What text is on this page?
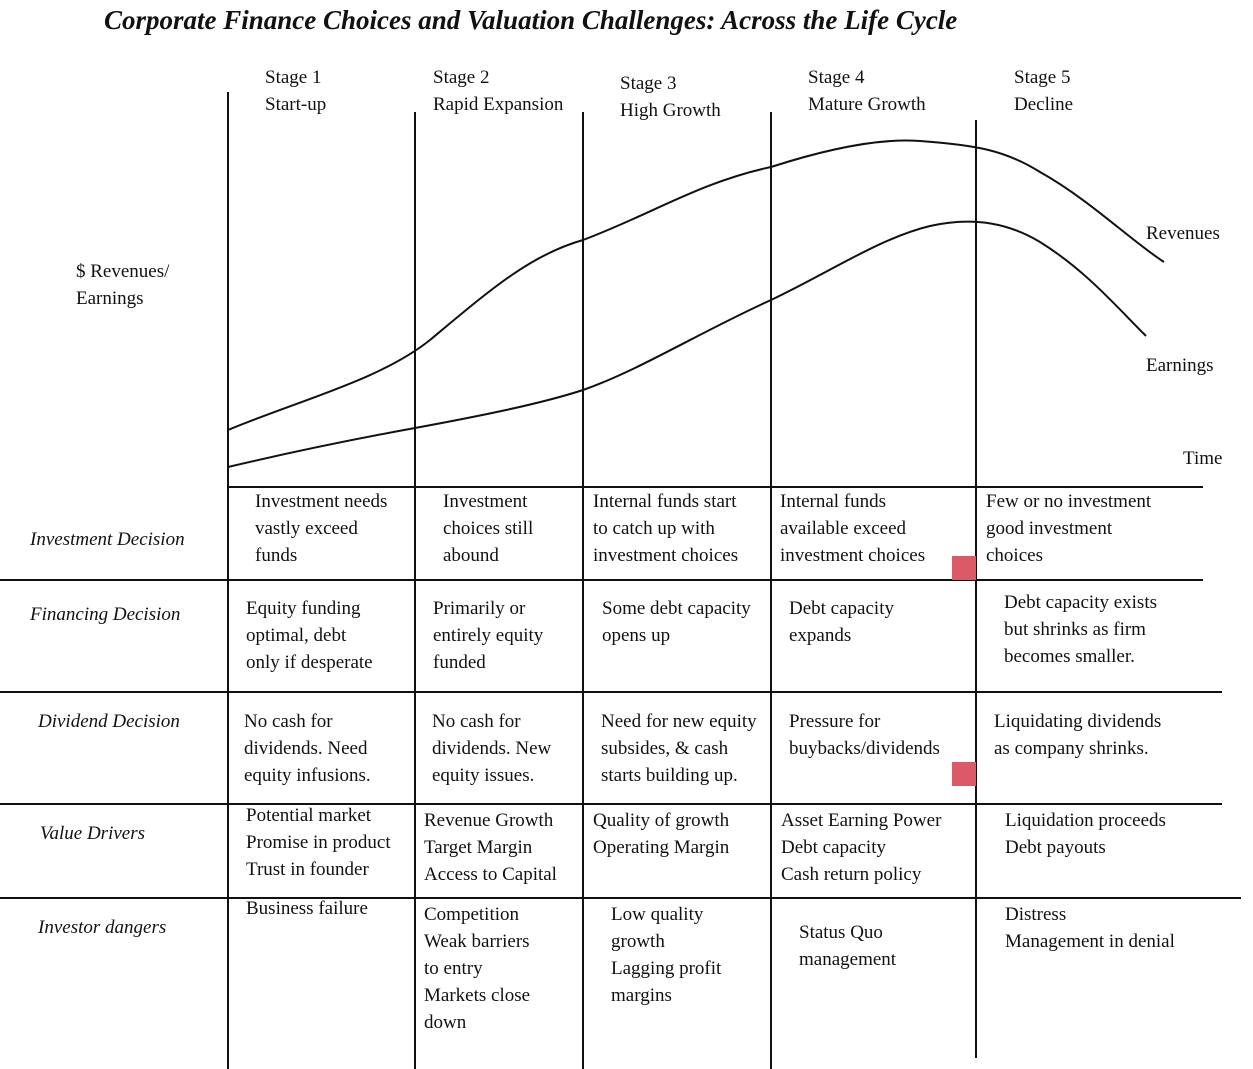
Corporate Finance Choices and Valuation Challenges: Across the Life Cycle
Stage 1
Start-up
Stage 2
Rapid Expansion
Stage 3
High Growth
Stage 4
Mature Growth
Stage 5
Decline
$ Revenues/
Earnings
Revenues
Earnings
Time
Investment Decision
Financing Decision
Dividend Decision
Value Drivers
Investor dangers
Investment needs
vastly exceed
funds
Investment
choices still
abound
Internal funds start
to catch up with
investment choices
Internal funds
available exceed
investment choices
Few or no investment
good investment
choices
Equity funding
optimal, debt
only if desperate
Primarily or
entirely equity
funded
Some debt capacity
opens up
Debt capacity
expands
Debt capacity exists
but shrinks as firm
becomes smaller.
No cash for
dividends. Need
equity infusions.
No cash for
dividends. New
equity issues.
Need for new equity
subsides, & cash
starts building up.
Pressure for
buybacks/dividends
Liquidating dividends
as company shrinks.
Potential market
Promise in product
Trust in founder
Revenue Growth
Target Margin
Access to Capital
Quality of growth
Operating Margin
Asset Earning Power
Debt capacity
Cash return policy
Liquidation proceeds
Debt payouts
Business failure	Competition
Weak barriers
to entry
Markets close
down
Low quality
growth
Lagging profit
margins
Status Quo
management
Distress
Management in denial
